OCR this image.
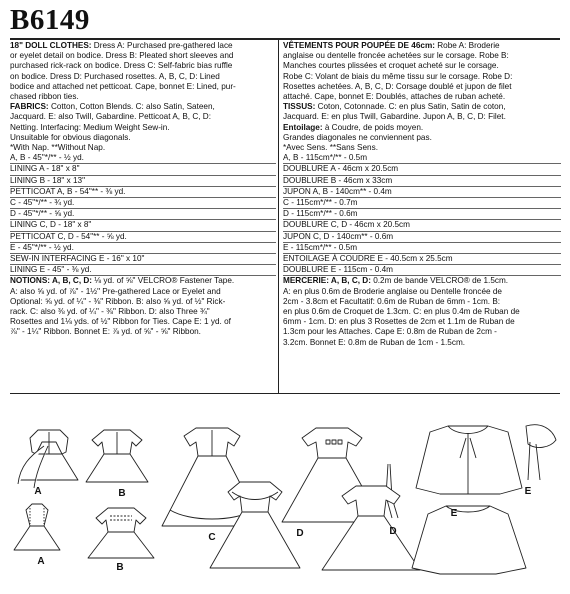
B6149
18" DOLL CLOTHES: Dress A: Purchased pre-gathered lace
or eyelet detail on bodice. Dress B: Pleated short sleeves and
purchased rick-rack on bodice. Dress C: Self-fabric bias ruffle
on bodice. Dress D: Purchased rosettes. A, B, C, D: Lined
bodice and attached net petticoat. Cape, bonnet E: Lined, pur-
chased ribbon ties.
FABRICS: Cotton, Cotton Blends. C: also Satin, Sateen,
Jacquard. E: also Twill, Gabardine. Petticoat A, B, C, D:
Netting. Interfacing: Medium Weight Sew-in.
Unsuitable for obvious diagonals.
*With Nap. **Without Nap.
A, B - 45"*/** - ½ yd.
LINING A - 18" x 8"
LINING B - 18" x 13"
PETTICOAT A, B - 54"** - ⅜ yd.
C - 45"*/** - ¾ yd.
D - 45"*/** - ⅝ yd.
LINING C, D - 18" x 8"
PETTICOAT C, D - 54"** - ⅝ yd.
E - 45"*/** - ½ yd.
SEW-IN INTERFACING E - 16" x 10"
LINING E - 45" - ⅜ yd.
NOTIONS: A, B, C, D: ⅛ yd. of ⅝" VELCRO® Fastener Tape.
A: also ⅝ yd. of ⅞" - 1½" Pre-gathered Lace or Eyelet and
Optional: ⅝ yd. of ¼" - ⅜" Ribbon. B: also ⅝ yd. of ½" Rick-
rack. C: also ⅜ yd. of ¼" - ⅜" Ribbon. D: also Three ¾"
Rosettes and 1⅛ yds. of ½" Ribbon for Ties. Cape E: 1 yd. of
⅞" - 1¼" Ribbon. Bonnet E: ⅞ yd. of ⅝" - ⅝" Ribbon.
VÊTEMENTS POUR POUPÉE DE 46cm: Robe A: Broderie
anglaise ou dentelle froncée achetées sur le corsage. Robe B:
Manches courtes plissées et croquet acheté sur le corsage.
Robe C: Volant de biais du même tissu sur le corsage. Robe D:
Rosettes achetées. A, B, C, D: Corsage doublé et jupon de filet
attaché. Cape, bonnet E: Doublés, attaches de ruban acheté.
TISSUS: Coton, Cotonnade. C: en plus Satin, Satin de coton,
Jacquard. E: en plus Twill, Gabardine. Jupon A, B, C, D: Filet.
Entoilage: à Coudre, de poids moyen.
Grandes diagonales ne conviennent pas.
*Avec Sens. **Sans Sens.
A, B - 115cm*/** - 0.5m
DOUBLURE A - 46cm x 20.5cm
DOUBLURE B - 46cm x 33cm
JUPON A, B - 140cm** - 0.4m
C - 115cm*/** - 0.7m
D - 115cm*/** - 0.6m
DOUBLURE C, D - 46cm x 20.5cm
JUPON C, D - 140cm** - 0.6m
E - 115cm*/** - 0.5m
ENTOILAGE À COUDRE E - 40.5cm x 25.5cm
DOUBLURE E - 115cm - 0.4m
MERCERIE: A, B, C, D: 0.2m de bande VELCRO® de 1.5cm.
A: en plus 0.6m de Broderie anglaise ou Dentelle froncée de
2cm - 3.8cm et Facultatif: 0.6m de Ruban de 6mm - 1cm. B:
en plus 0.6m de Croquet de 1.3cm. C: en plus 0.4m de Ruban de
6mm - 1cm. D: en plus 3 Rosettes de 2cm et 1.1m de Ruban de
1.3cm pour les Attaches. Cape E: 0.8m de Ruban de 2cm -
3.2cm. Bonnet E: 0.8m de Ruban de 1cm - 1.5cm.
A
A
B
B
C	D	D
E
E
